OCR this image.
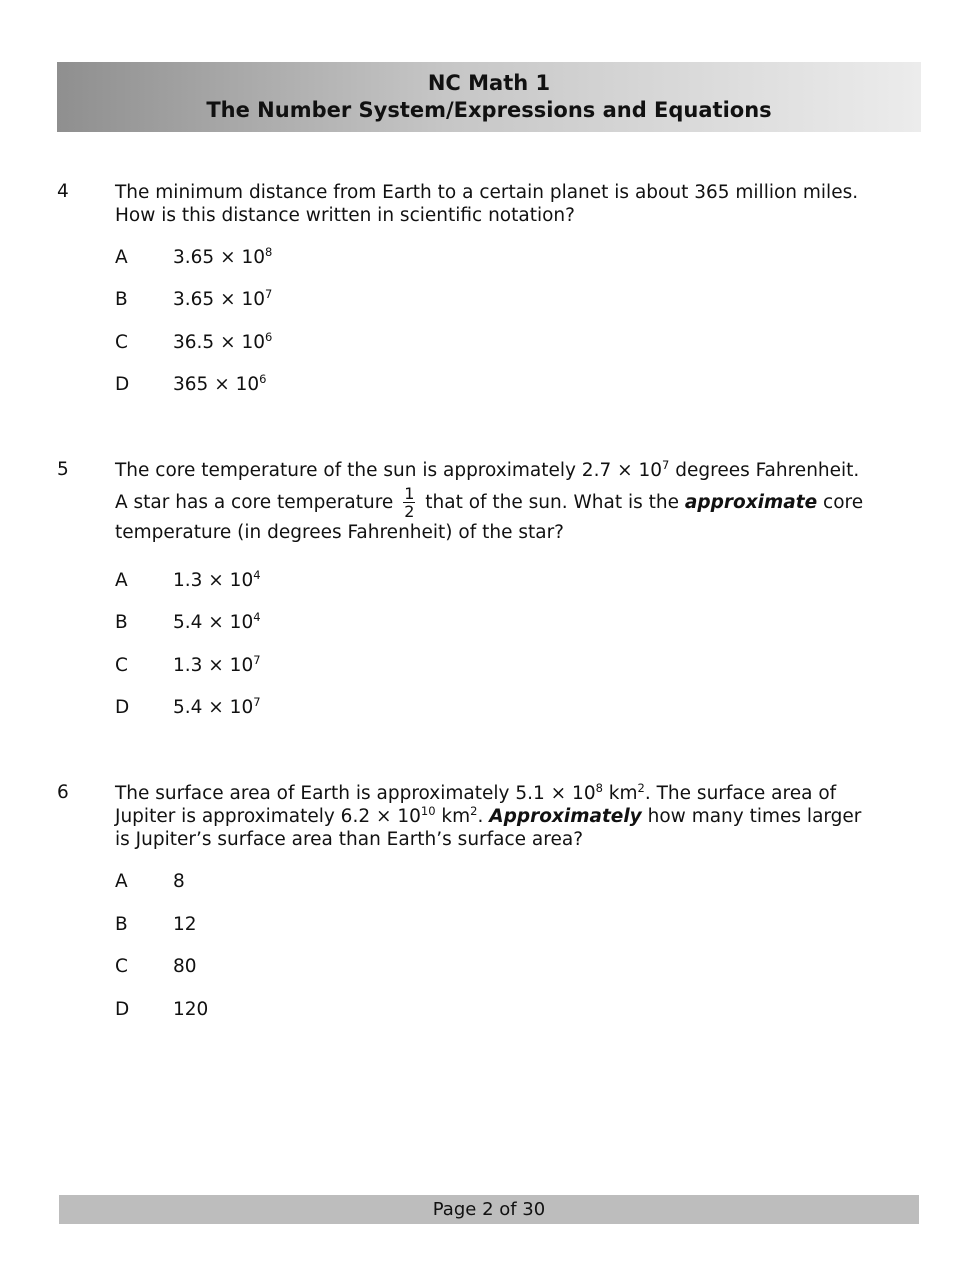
NC Math 1
The Number System/Expressions and Equations
4 The minimum distance from Earth to a certain planet is about 365 million miles.
How is this distance written in scientific notation?
A $3.65 \times 10^8$
B $3.65 \times 10^7$
C $36.5 \times 10^6$
D $365 \times 10^6$
5 The core temperature of the sun is approximately $2.7 \times 10^7$ degrees Fahrenheit.
A star has a core temperature $\frac{1}{2}$ that of the sun. What is the approximate core
temperature (in degrees Fahrenheit) of the star?
A $1.3 \times 10^4$
B $5.4 \times 10^4$
C $1.3 \times 10^7$
D $5.4 \times 10^7$
6 The surface area of Earth is approximately $5.1 \times 10^8$ $km^2$. The surface area of
Jupiter is approximately $6.2 \times 10^{10}$ $km^2$. Approximately how many times larger
is Jupiter’s surface area than Earth’s surface area?
A 8
B 12
C 80
D 120
Page 2 of 30
